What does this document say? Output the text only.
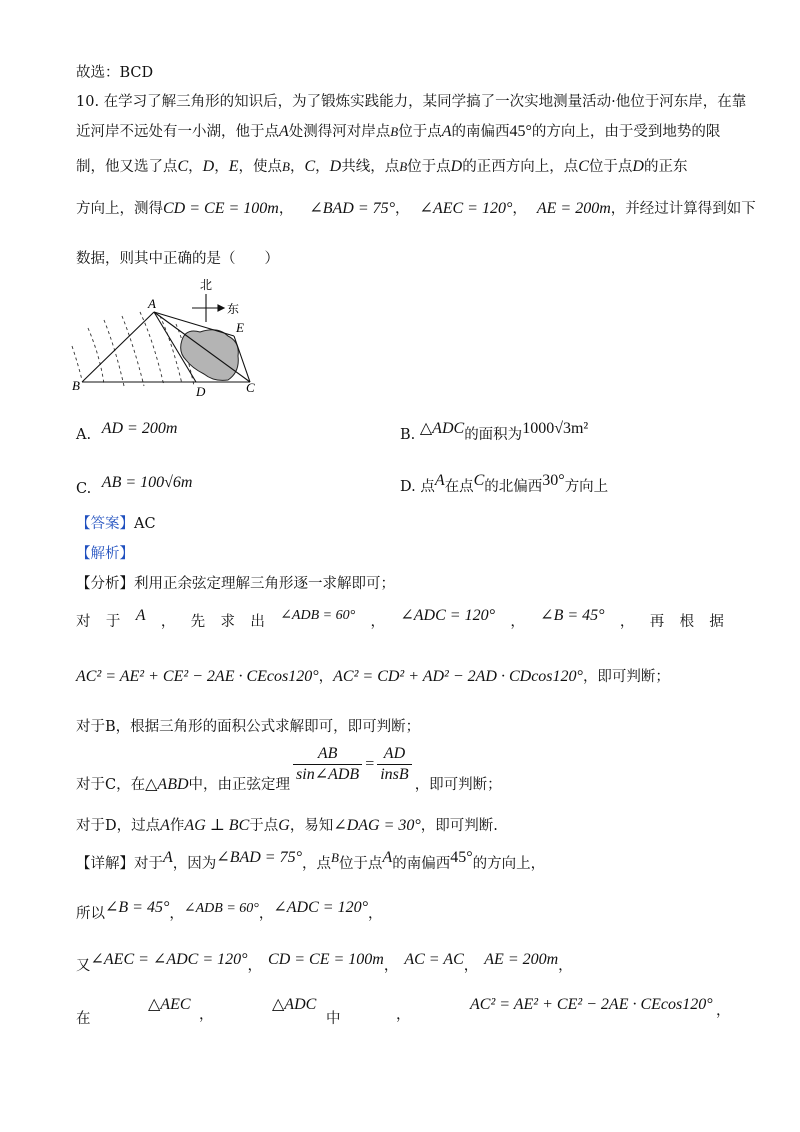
故选：BCD
10. 在学习了解三角形的知识后，为了锻炼实践能力，某同学搞了一次实地测量活动·他位于河东岸，在靠
近河岸不远处有一小湖，他于点A处测得河对岸点B位于点A的南偏西45°的方向上，由于受到地势的限
制，他又选了点C，D，E，使点B，C，D共线，点B位于点D的正西方向上，点C位于点D的正东
方向上，测得CD = CE = 100m， ∠BAD = 75°， ∠AEC = 120°， AE = 200m，并经过计算得到如下
数据，则其中正确的是（　　）
北
东
A
B	C
D
E
A. AD = 200m	B. △ADC的面积为1000√3m²
C. AB = 100√6m	D. 点A在点C的北偏西30°方向上
【答案】AC
【解析】
【分析】利用正余弦定理解三角形逐一求解即可；
对 于 A ， 先 求 出 ∠ADB = 60° ， ∠ADC = 120° ， ∠B = 45° ， 再 根 据
AC² = AE² + CE² − 2AE · CEcos120°，AC² = CD² + AD² − 2AD · CDcos120°，即可判断；
对于B，根据三角形的面积公式求解即可，即可判断；
对于C，在△ABD中，由正弦定理 $\frac{AB}{\text{sin∠ADB}} = \frac{AD}{\text{insB}}$ ，即可判断；
对于D，过点A作AG ⊥ BC于点G，易知∠DAG = 30°，即可判断.
【详解】对于A，因为∠BAD = 75°，点B位于点A的南偏西45°的方向上，
所以∠B = 45°，∠ADB = 60°，∠ADC = 120°，
又∠AEC = ∠ADC = 120°， CD = CE = 100m， AC = AC， AE = 200m，
在
△AEC
，
△ADC
中	，
AC² = AE² + CE² − 2AE · CEcos120° ，
